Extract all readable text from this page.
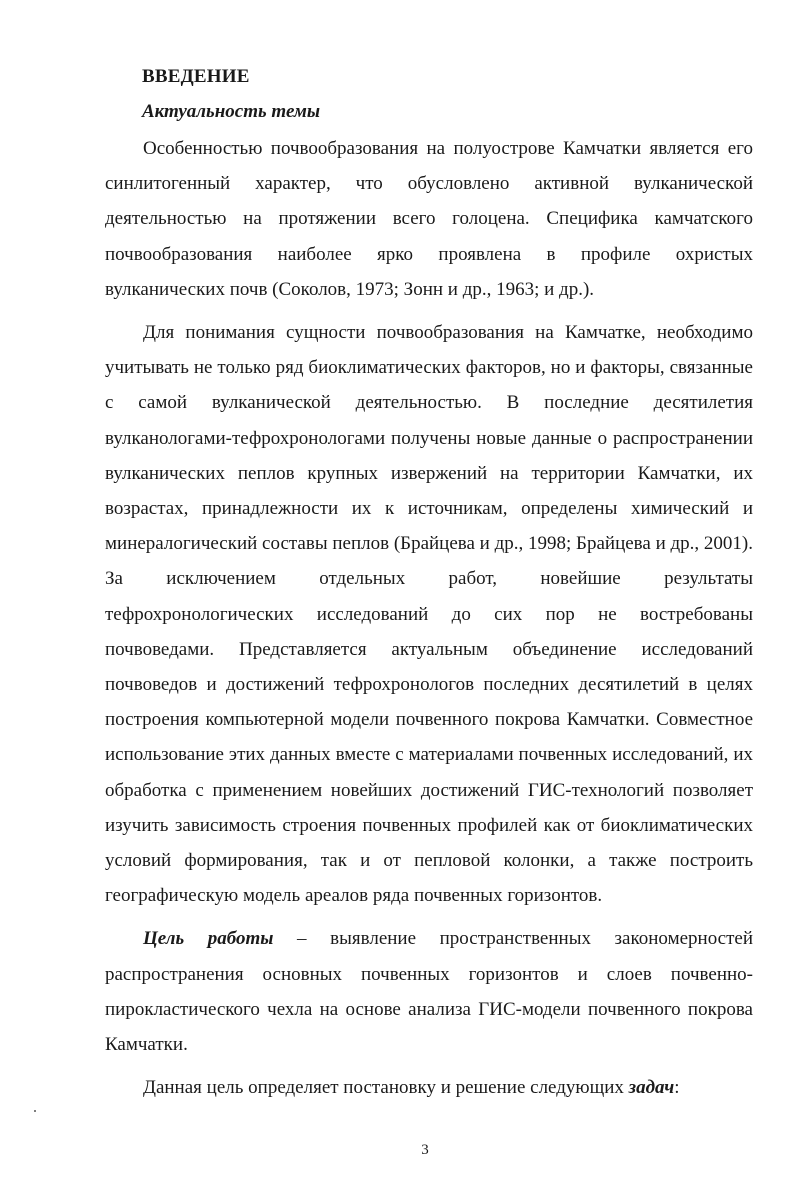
ВВЕДЕНИЕ
Актуальность темы

Особенностью почвообразования на полуострове Камчатки является его синлитогенный характер, что обусловлено активной вулканической деятельностью на протяжении всего голоцена. Специфика камчатского почвообразования наиболее ярко проявлена в профиле охристых вулканических почв (Соколов, 1973; Зонн и др., 1963; и др.).

Для понимания сущности почвообразования на Камчатке, необходимо учитывать не только ряд биоклиматических факторов, но и факторы, связанные с самой вулканической деятельностью. В последние десятилетия вулканологами-тефрохронологами получены новые данные о распространении вулканических пеплов крупных извержений на территории Камчатки, их возрастах, принадлежности их к источникам, определены химический и минералогический составы пеплов (Брайцева и др., 1998; Брайцева и др., 2001). За исключением отдельных работ, новейшие результаты тефрохронологических исследований до сих пор не востребованы почвоведами. Представляется актуальным объединение исследований почвоведов и достижений тефрохронологов последних десятилетий в целях построения компьютерной модели почвенного покрова Камчатки. Совместное использование этих данных вместе с материалами почвенных исследований, их обработка с применением новейших достижений ГИС-технологий позволяет изучить зависимость строения почвенных профилей как от биоклиматических условий формирования, так и от пепловой колонки, а также построить географическую модель ареалов ряда почвенных горизонтов.

Цель работы – выявление пространственных закономерностей распространения основных почвенных горизонтов и слоев почвенно-пирокластического чехла на основе анализа ГИС-модели почвенного покрова Камчатки.

Данная цель определяет постановку и решение следующих задач:

3
